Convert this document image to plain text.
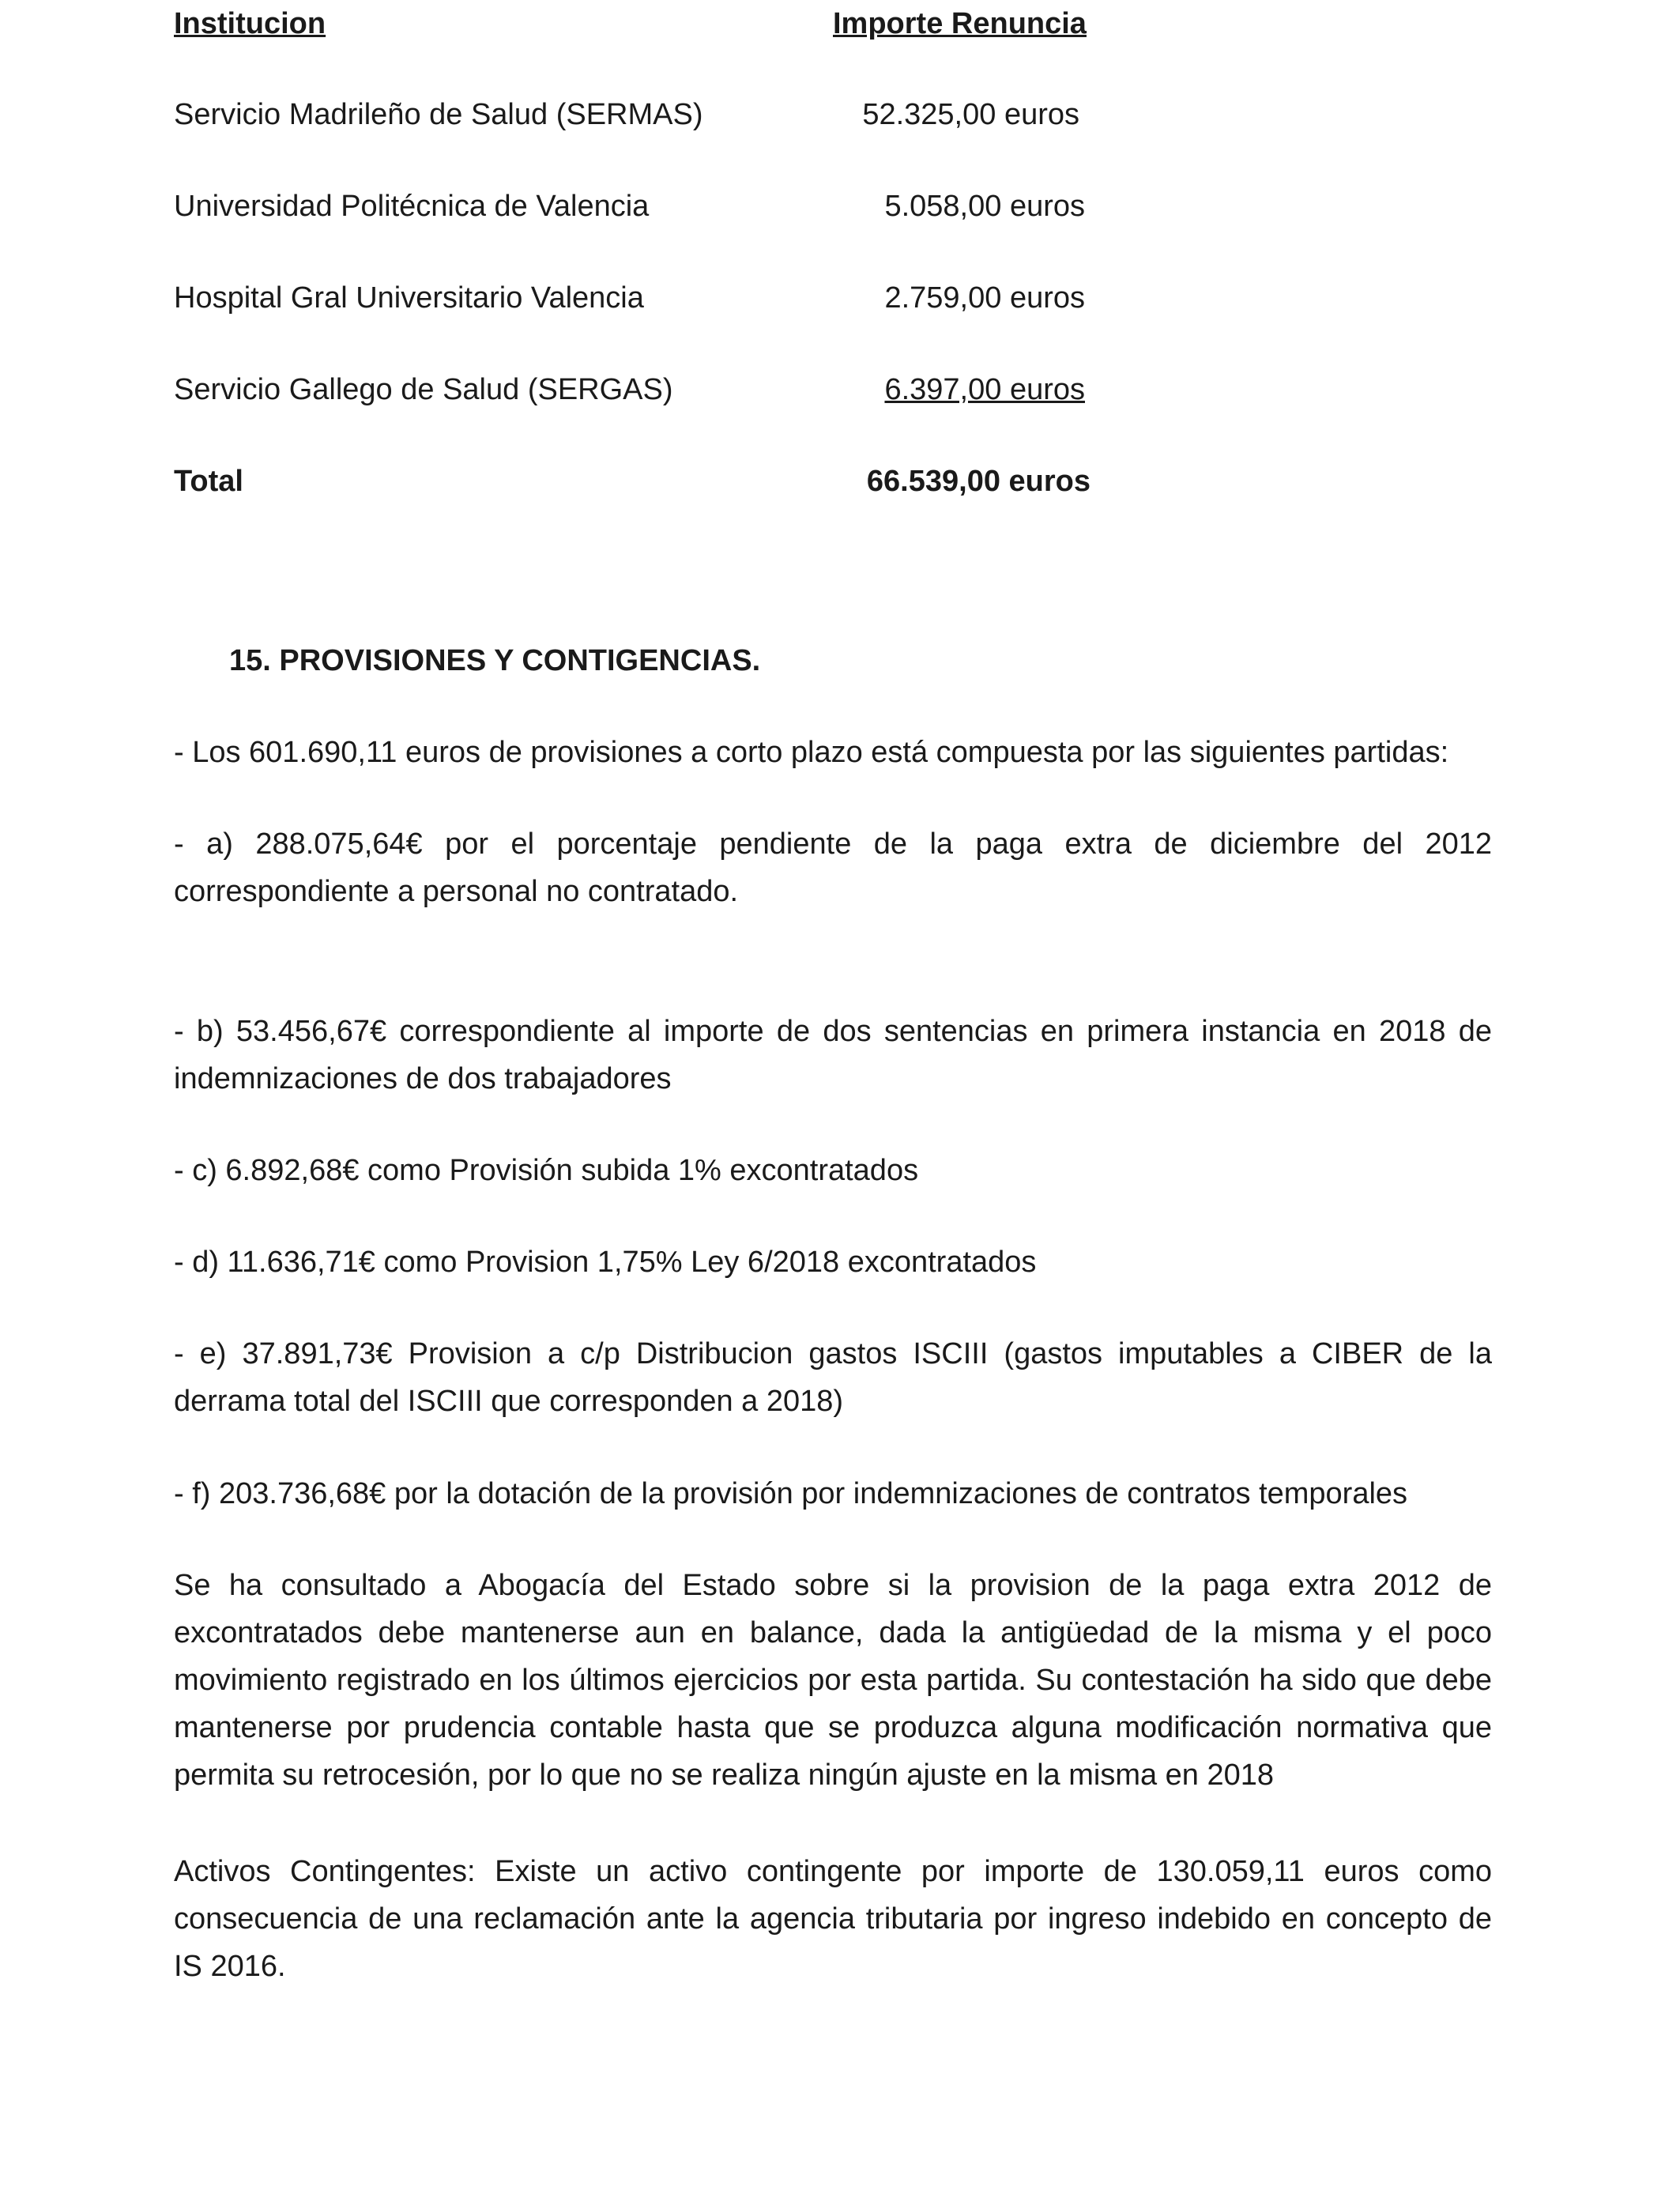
Institucion	Importe Renuncia
Servicio Madrileño de Salud (SERMAS)	52.325,00 euros
Universidad Politécnica de Valencia	5.058,00 euros
Hospital Gral Universitario Valencia	2.759,00 euros
Servicio Gallego de Salud (SERGAS)	6.397,00 euros
Total	66.539,00 euros
15. PROVISIONES Y CONTIGENCIAS.
- Los 601.690,11 euros de provisiones a corto plazo está compuesta por las siguientes partidas:
- a) 288.075,64€ por el porcentaje pendiente de la paga extra de diciembre del 2012 correspondiente a personal no contratado.
- b) 53.456,67€ correspondiente al importe de dos sentencias en primera instancia en 2018 de indemnizaciones de dos trabajadores
- c) 6.892,68€ como Provisión subida 1% excontratados
- d) 11.636,71€ como Provision 1,75% Ley 6/2018 excontratados
- e) 37.891,73€ Provision a c/p Distribucion gastos ISCIII (gastos imputables a CIBER de la derrama total del ISCIII que corresponden a 2018)
- f) 203.736,68€ por la dotación de la provisión por indemnizaciones de contratos temporales
Se ha consultado a Abogacía del Estado sobre si la provision de la paga extra 2012 de excontratados debe mantenerse aun en balance, dada la antigüedad de la misma y el poco movimiento registrado en los últimos ejercicios por esta partida. Su contestación ha sido que debe mantenerse por prudencia contable hasta que se produzca alguna modificación normativa que permita su retrocesión, por lo que no se realiza ningún ajuste en la misma en 2018
Activos Contingentes: Existe un activo contingente por importe de 130.059,11 euros como consecuencia de una reclamación ante la agencia tributaria por ingreso indebido en concepto de IS 2016.
